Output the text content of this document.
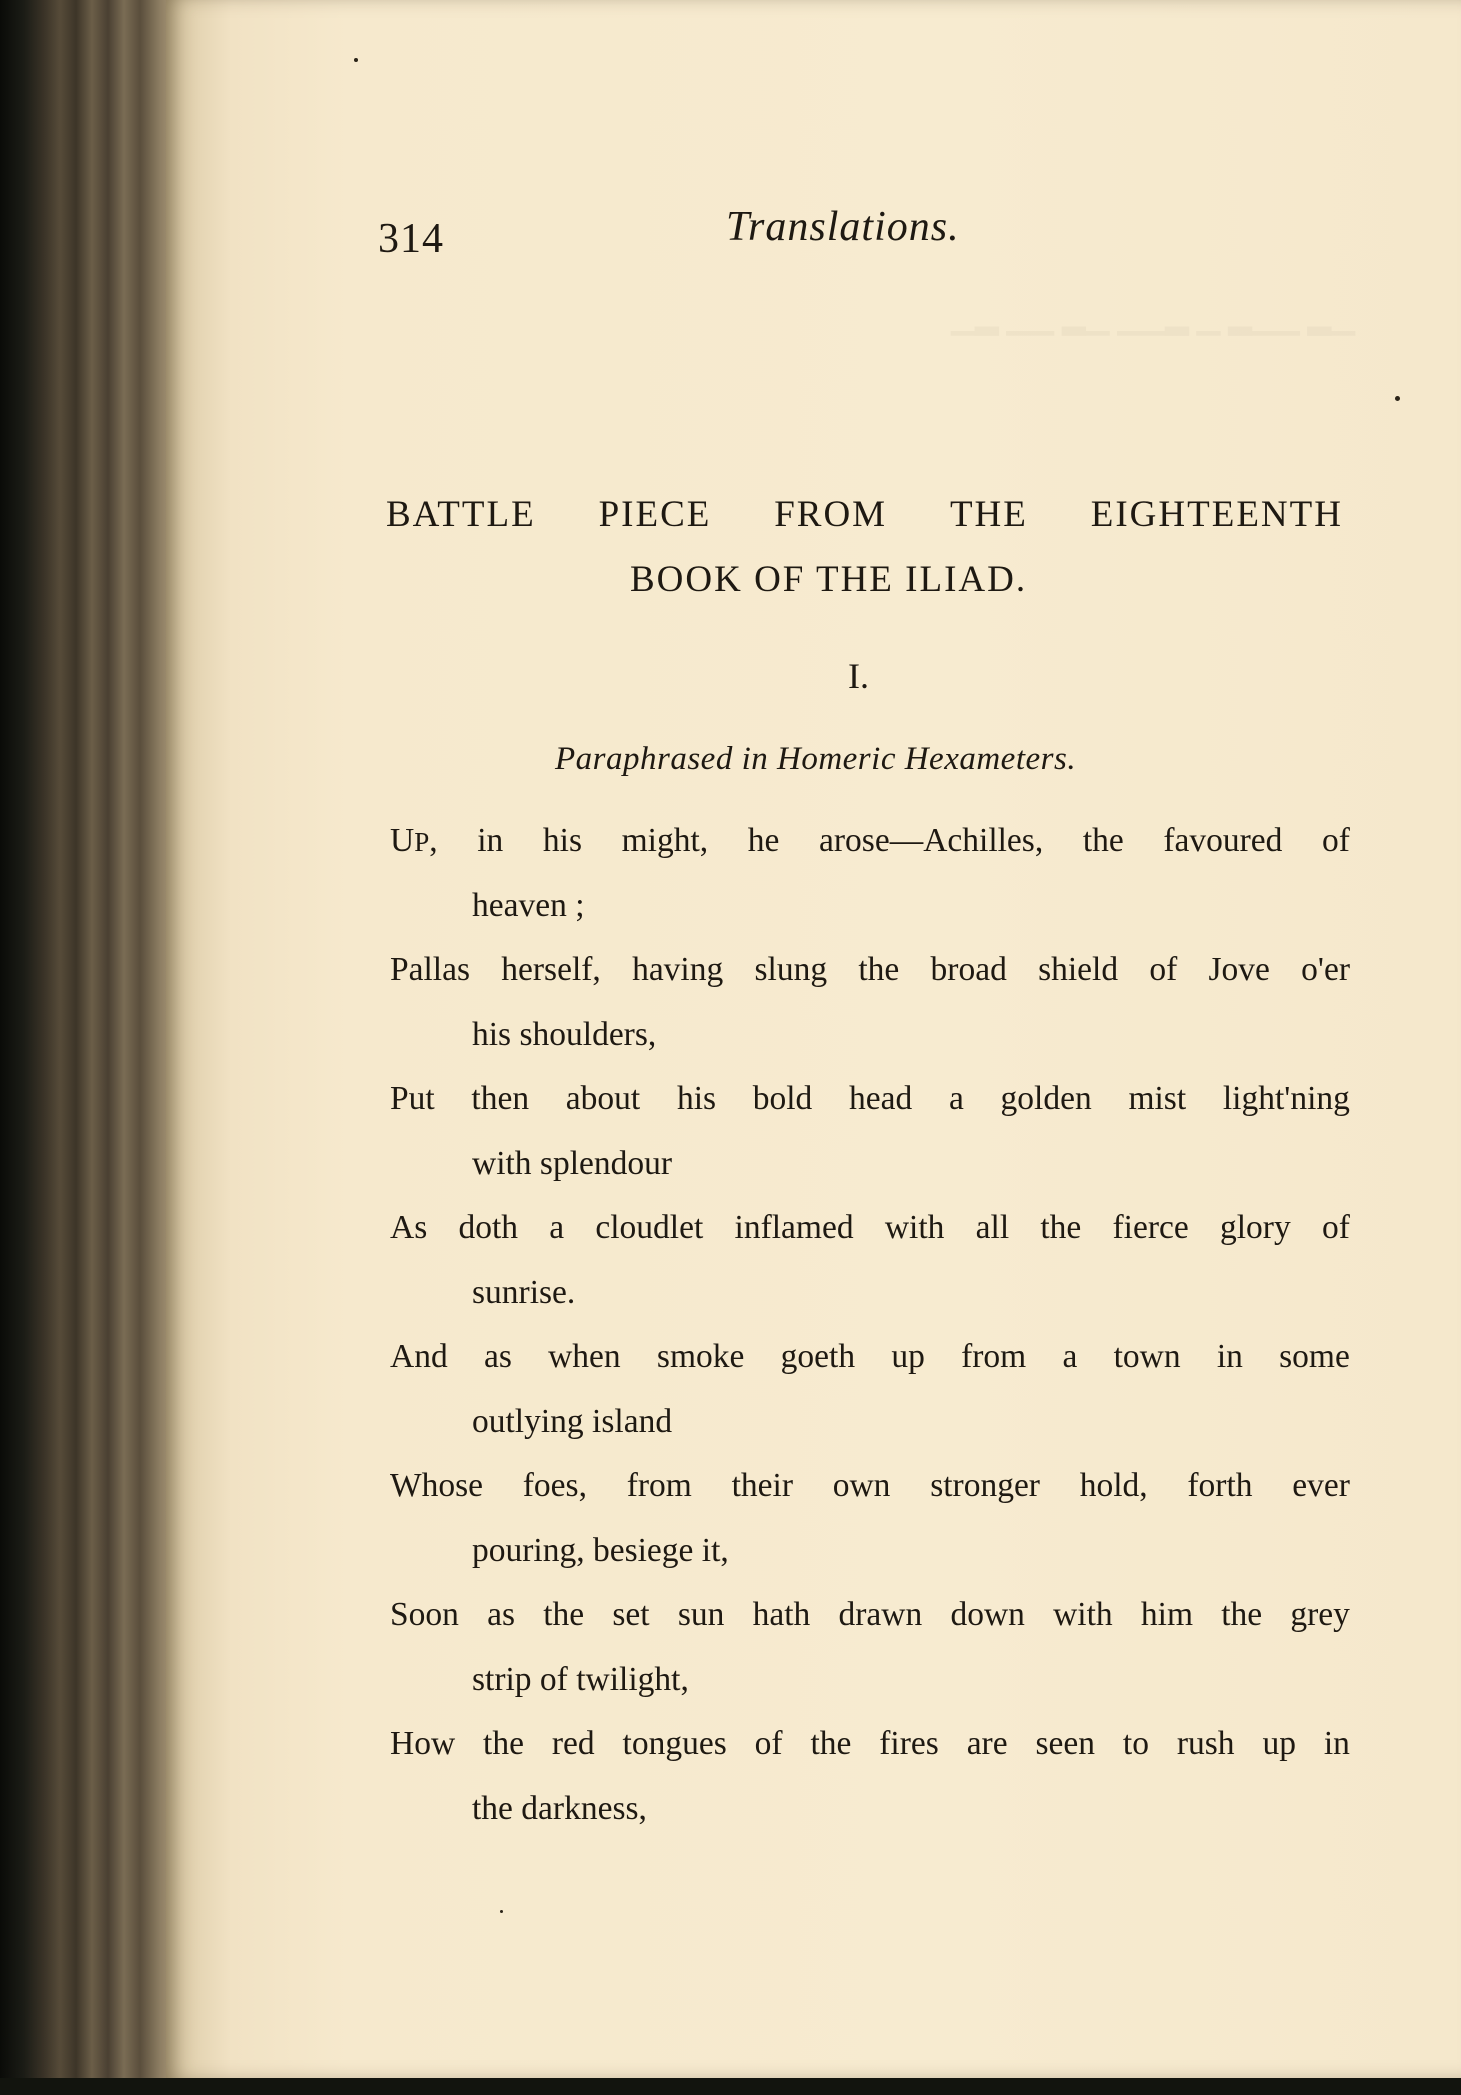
▁▂ ▁▁▂ ▁ ▂▁▁ ▁▂ ▁▁ ▂▁
314	Translations.
BATTLE PIECE FROM THE EIGHTEENTH
BOOK OF THE ILIAD.
I.
Paraphrased in Homeric Hexameters.
UP, in his might, he arose—Achilles, the favoured of
heaven ;
Pallas herself, having slung the broad shield of Jove o'er
his shoulders,
Put then about his bold head a golden mist light'ning
with splendour
As doth a cloudlet inflamed with all the fierce glory of
sunrise.
And as when smoke goeth up from a town in some
outlying island
Whose foes, from their own stronger hold, forth ever
pouring, besiege it,
Soon as the set sun hath drawn down with him the grey
strip of twilight,
How the red tongues of the fires are seen to rush up in
the darkness,
